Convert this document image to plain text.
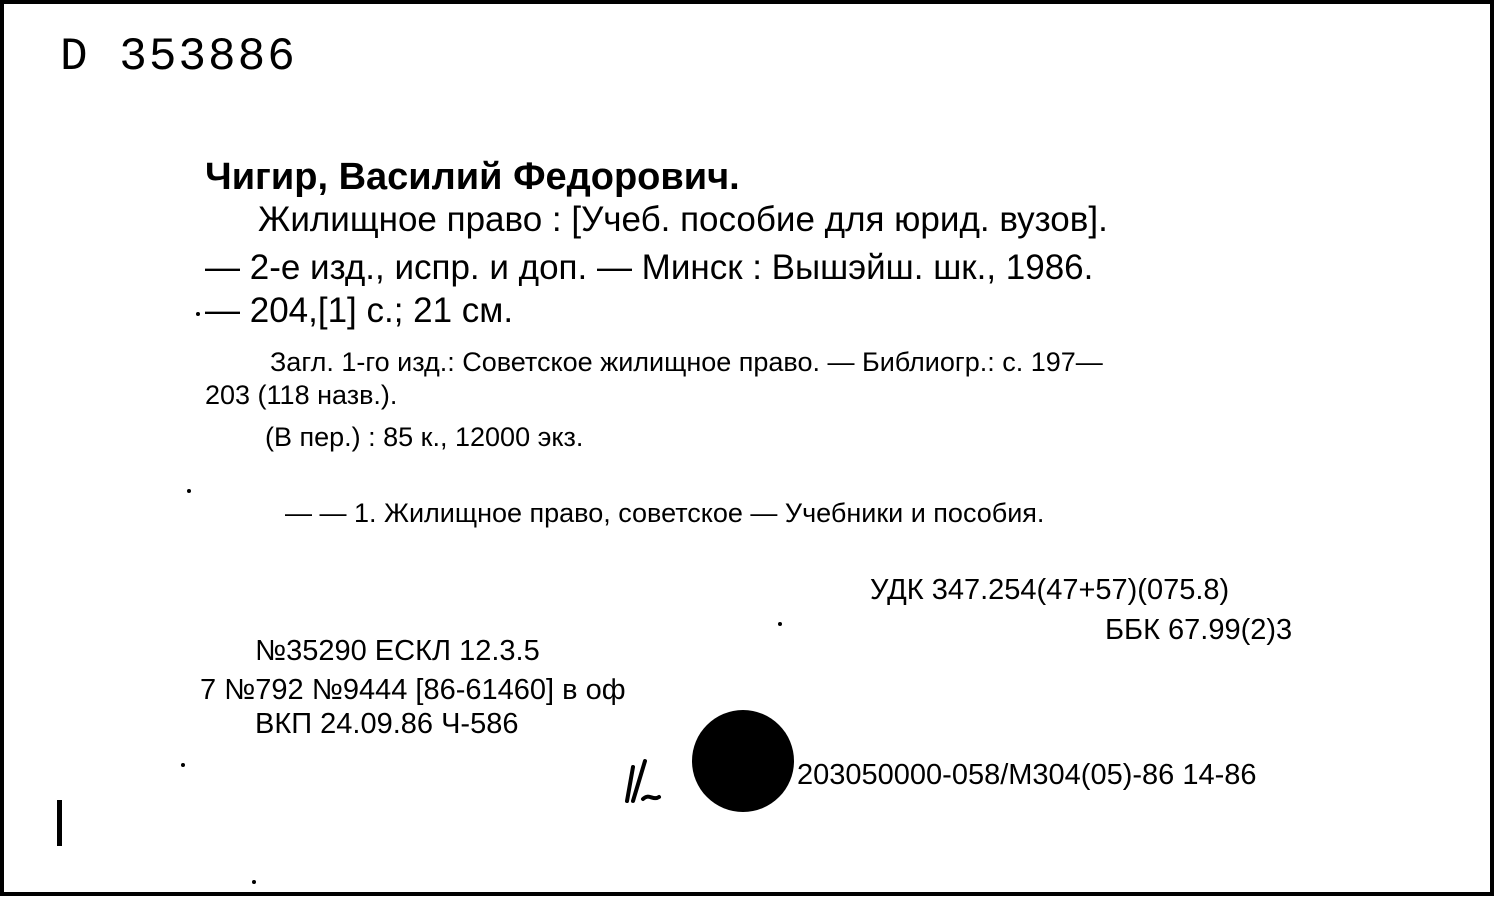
D 353886
Чигир, Василий Федорович.
Жилищное право : [Учеб. пособие для юрид. вузов].
— 2-е изд., испр. и доп. — Минск : Вышэйш. шк., 1986.
— 204,[1] с.; 21 см.
Загл. 1-го изд.: Советское жилищное право. — Библиогр.: с. 197—
203 (118 назв.).
(В пер.) : 85 к., 12000 экз.
— — 1. Жилищное право, советское — Учебники и пособия.
УДК 347.254(47+57)(075.8)
ББК 67.99(2)3
№35290 ЕСКЛ 12.3.5
7 №792 №9444 [86-61460] в оф
ВКП 24.09.86 Ч-586
203050000-058/М304(05)-86 14-86
